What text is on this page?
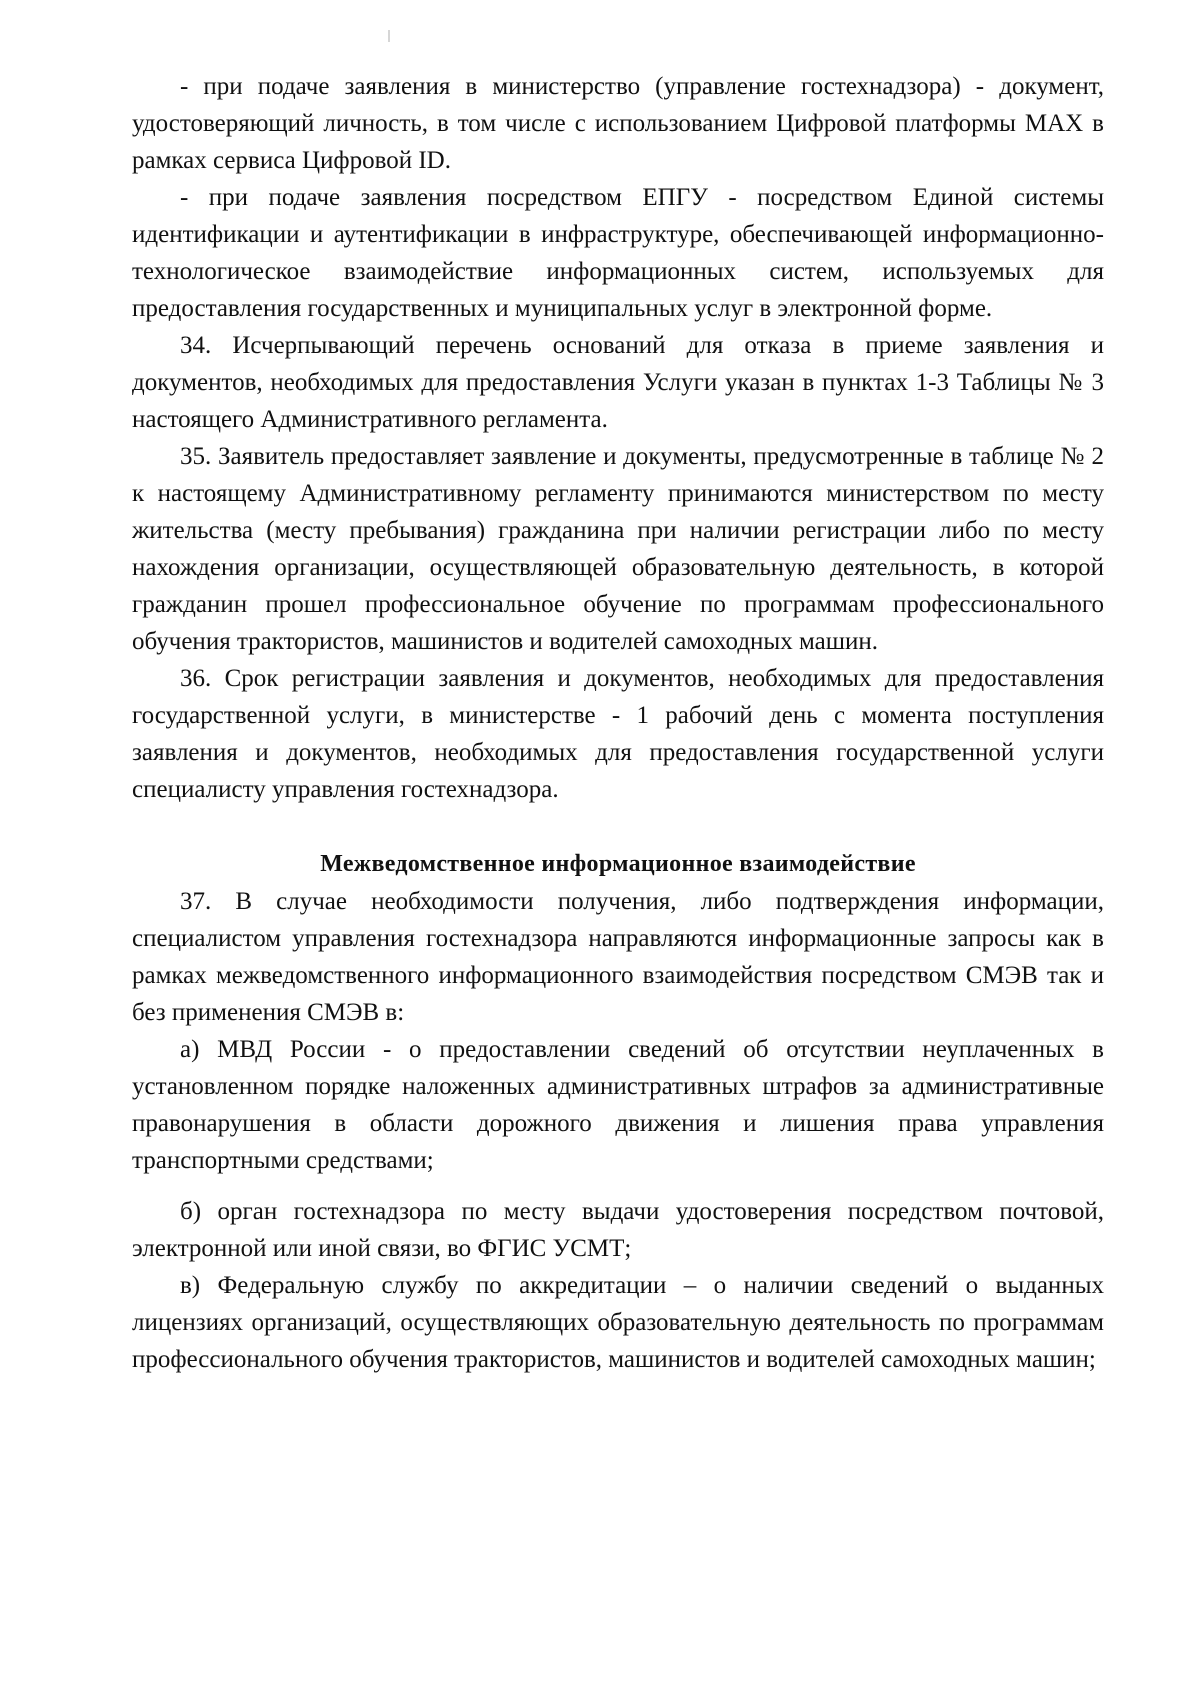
- при подаче заявления в министерство (управление гостехнадзора) - документ, удостоверяющий личность, в том числе с использованием Цифровой платформы MAX в рамках сервиса Цифровой ID.

- при подаче заявления посредством ЕПГУ - посредством Единой системы идентификации и аутентификации в инфраструктуре, обеспечивающей информационно-технологическое взаимодействие информационных систем, используемых для предоставления государственных и муниципальных услуг в электронной форме.

34. Исчерпывающий перечень оснований для отказа в приеме заявления и документов, необходимых для предоставления Услуги указан в пунктах 1-3 Таблицы № 3 настоящего Административного регламента.

35. Заявитель предоставляет заявление и документы, предусмотренные в таблице № 2 к настоящему Административному регламенту принимаются министерством по месту жительства (месту пребывания) гражданина при наличии регистрации либо по месту нахождения организации, осуществляющей образовательную деятельность, в которой гражданин прошел профессиональное обучение по программам профессионального обучения трактористов, машинистов и водителей самоходных машин.

36. Срок регистрации заявления и документов, необходимых для предоставления государственной услуги, в министерстве - 1 рабочий день с момента поступления заявления и документов, необходимых для предоставления государственной услуги специалисту управления гостехнадзора.

Межведомственное информационное взаимодействие

37. В случае необходимости получения, либо подтверждения информации, специалистом управления гостехнадзора направляются информационные запросы как в рамках межведомственного информационного взаимодействия посредством СМЭВ так и без применения СМЭВ в:

а) МВД России - о предоставлении сведений об отсутствии неуплаченных в установленном порядке наложенных административных штрафов за административные правонарушения в области дорожного движения и лишения права управления транспортными средствами;

б) орган гостехнадзора по месту выдачи удостоверения посредством почтовой, электронной или иной связи, во ФГИС УСМТ;

в) Федеральную службу по аккредитации – о наличии сведений о выданных лицензиях организаций, осуществляющих образовательную деятельность по программам профессионального обучения трактористов, машинистов и водителей самоходных машин;
